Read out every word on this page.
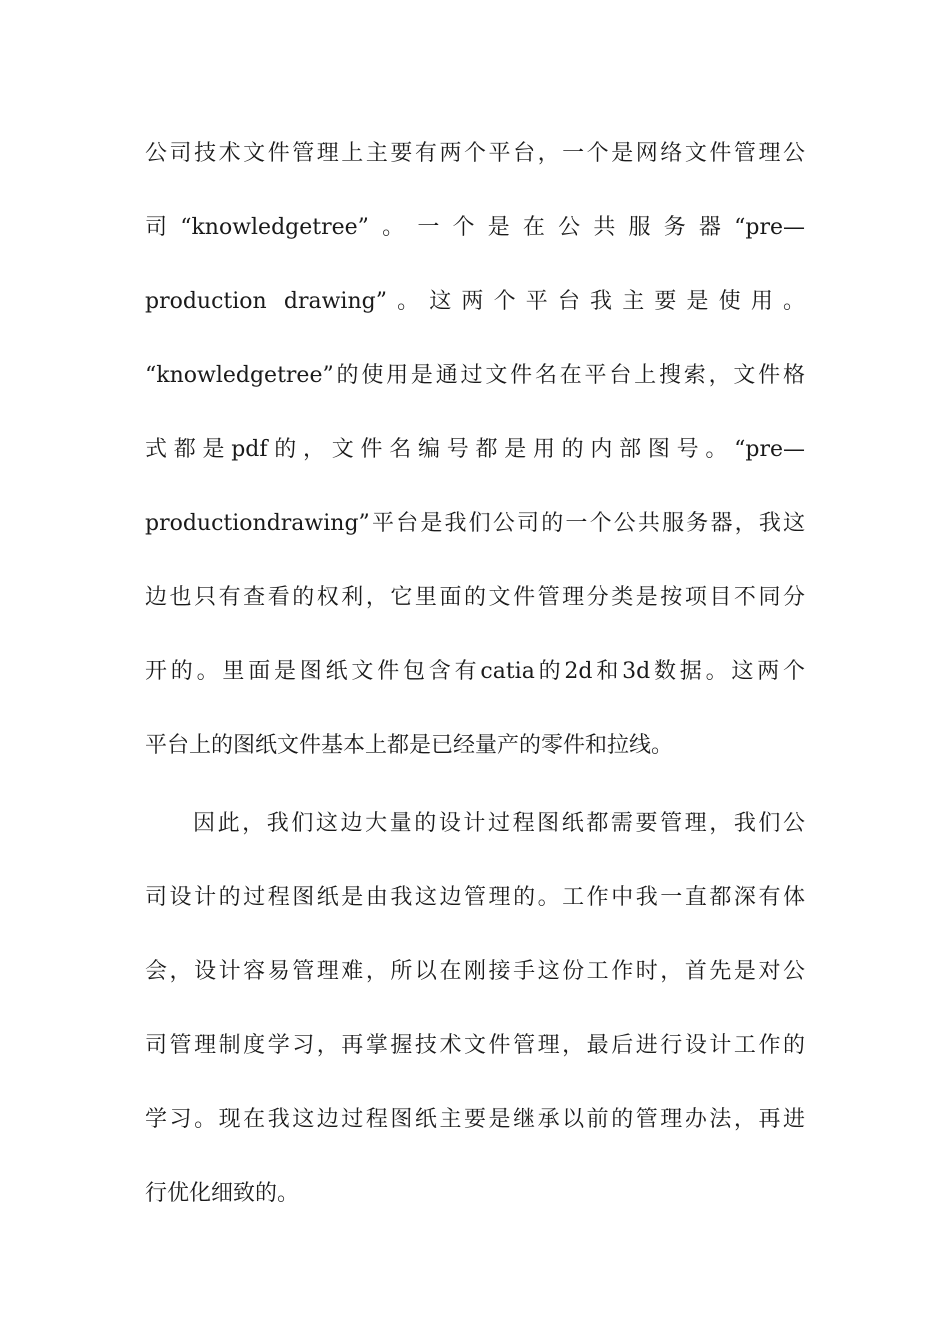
公司技术文件管理上主要有两个平台，一个是网络文件管理公
司“knowledgetree”。一个是在公共服务器“pre—
production drawing”。这两个平台我主要是使用。
“knowledgetree”的使用是通过文件名在平台上搜索，文件格
式都是pdf的，文件名编号都是用的内部图号。“pre—
productiondrawing”平台是我们公司的一个公共服务器，我这
边也只有查看的权利，它里面的文件管理分类是按项目不同分
开的。里面是图纸文件包含有catia的2d和3d数据。这两个
平台上的图纸文件基本上都是已经量产的零件和拉线。
因此，我们这边大量的设计过程图纸都需要管理，我们公
司设计的过程图纸是由我这边管理的。工作中我一直都深有体
会，设计容易管理难，所以在刚接手这份工作时，首先是对公
司管理制度学习，再掌握技术文件管理，最后进行设计工作的
学习。现在我这边过程图纸主要是继承以前的管理办法，再进
行优化细致的。
